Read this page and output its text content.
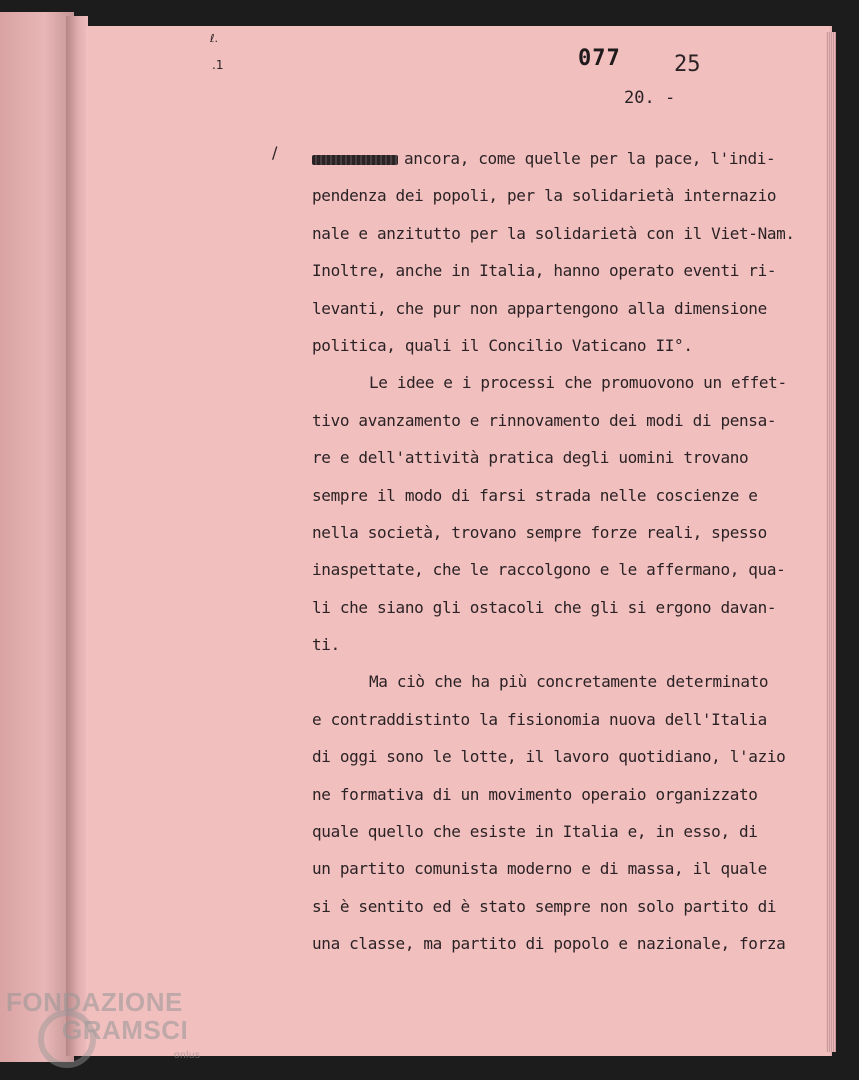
ℓ.
.1
/
077 25
20. -
ancora, come quelle per la pace, l'indi-
pendenza dei popoli, per la solidarietà internazio
nale e anzitutto per la solidarietà con il Viet-Nam.
Inoltre, anche in Italia, hanno operato eventi ri-
levanti, che pur non appartengono alla dimensione
politica, quali il Concilio Vaticano II°.
Le idee e i processi che promuovono un effet-
tivo avanzamento e rinnovamento dei modi di pensa-
re e dell'attività pratica degli uomini trovano
sempre il modo di farsi strada nelle coscienze e
nella società, trovano sempre forze reali, spesso
inaspettate, che le raccolgono e le affermano, qua-
li che siano gli ostacoli che gli si ergono davan-
ti.
Ma ciò che ha più concretamente determinato
e contraddistinto la fisionomia nuova dell'Italia
di oggi sono le lotte, il lavoro quotidiano, l'azio
ne formativa di un movimento operaio organizzato
quale quello che esiste in Italia e, in esso, di
un partito comunista moderno e di massa, il quale
si è sentito ed è stato sempre non solo partito di
una classe, ma partito di popolo e nazionale, forza
FONDAZIONE
GRAMSCI
onlus
